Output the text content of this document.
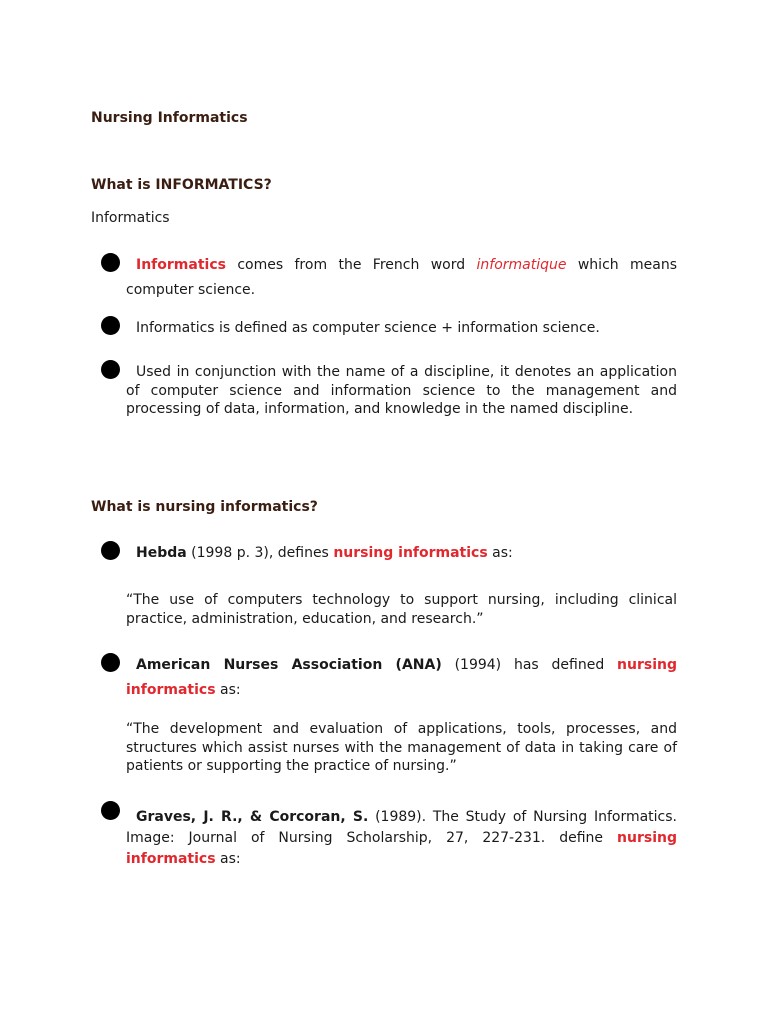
Nursing Informatics
What is INFORMATICS?
Informatics
Informatics comes from the French word informatique which means computer science.
Informatics is defined as computer science + information science.
Used in conjunction with the name of a discipline, it denotes an application of computer science and information science to the management and processing of data, information, and knowledge in the named discipline.
What is nursing informatics?
Hebda (1998 p. 3), defines nursing informatics as:
“The use of computers technology to support nursing, including clinical practice, administration, education, and research.”
American Nurses Association (ANA) (1994) has defined nursing informatics as:
“The development and evaluation of applications, tools, processes, and structures which assist nurses with the management of data in taking care of patients or supporting the practice of nursing.”
Graves, J. R., & Corcoran, S. (1989). The Study of Nursing Informatics. Image: Journal of Nursing Scholarship, 27, 227-231. define nursing informatics as:
